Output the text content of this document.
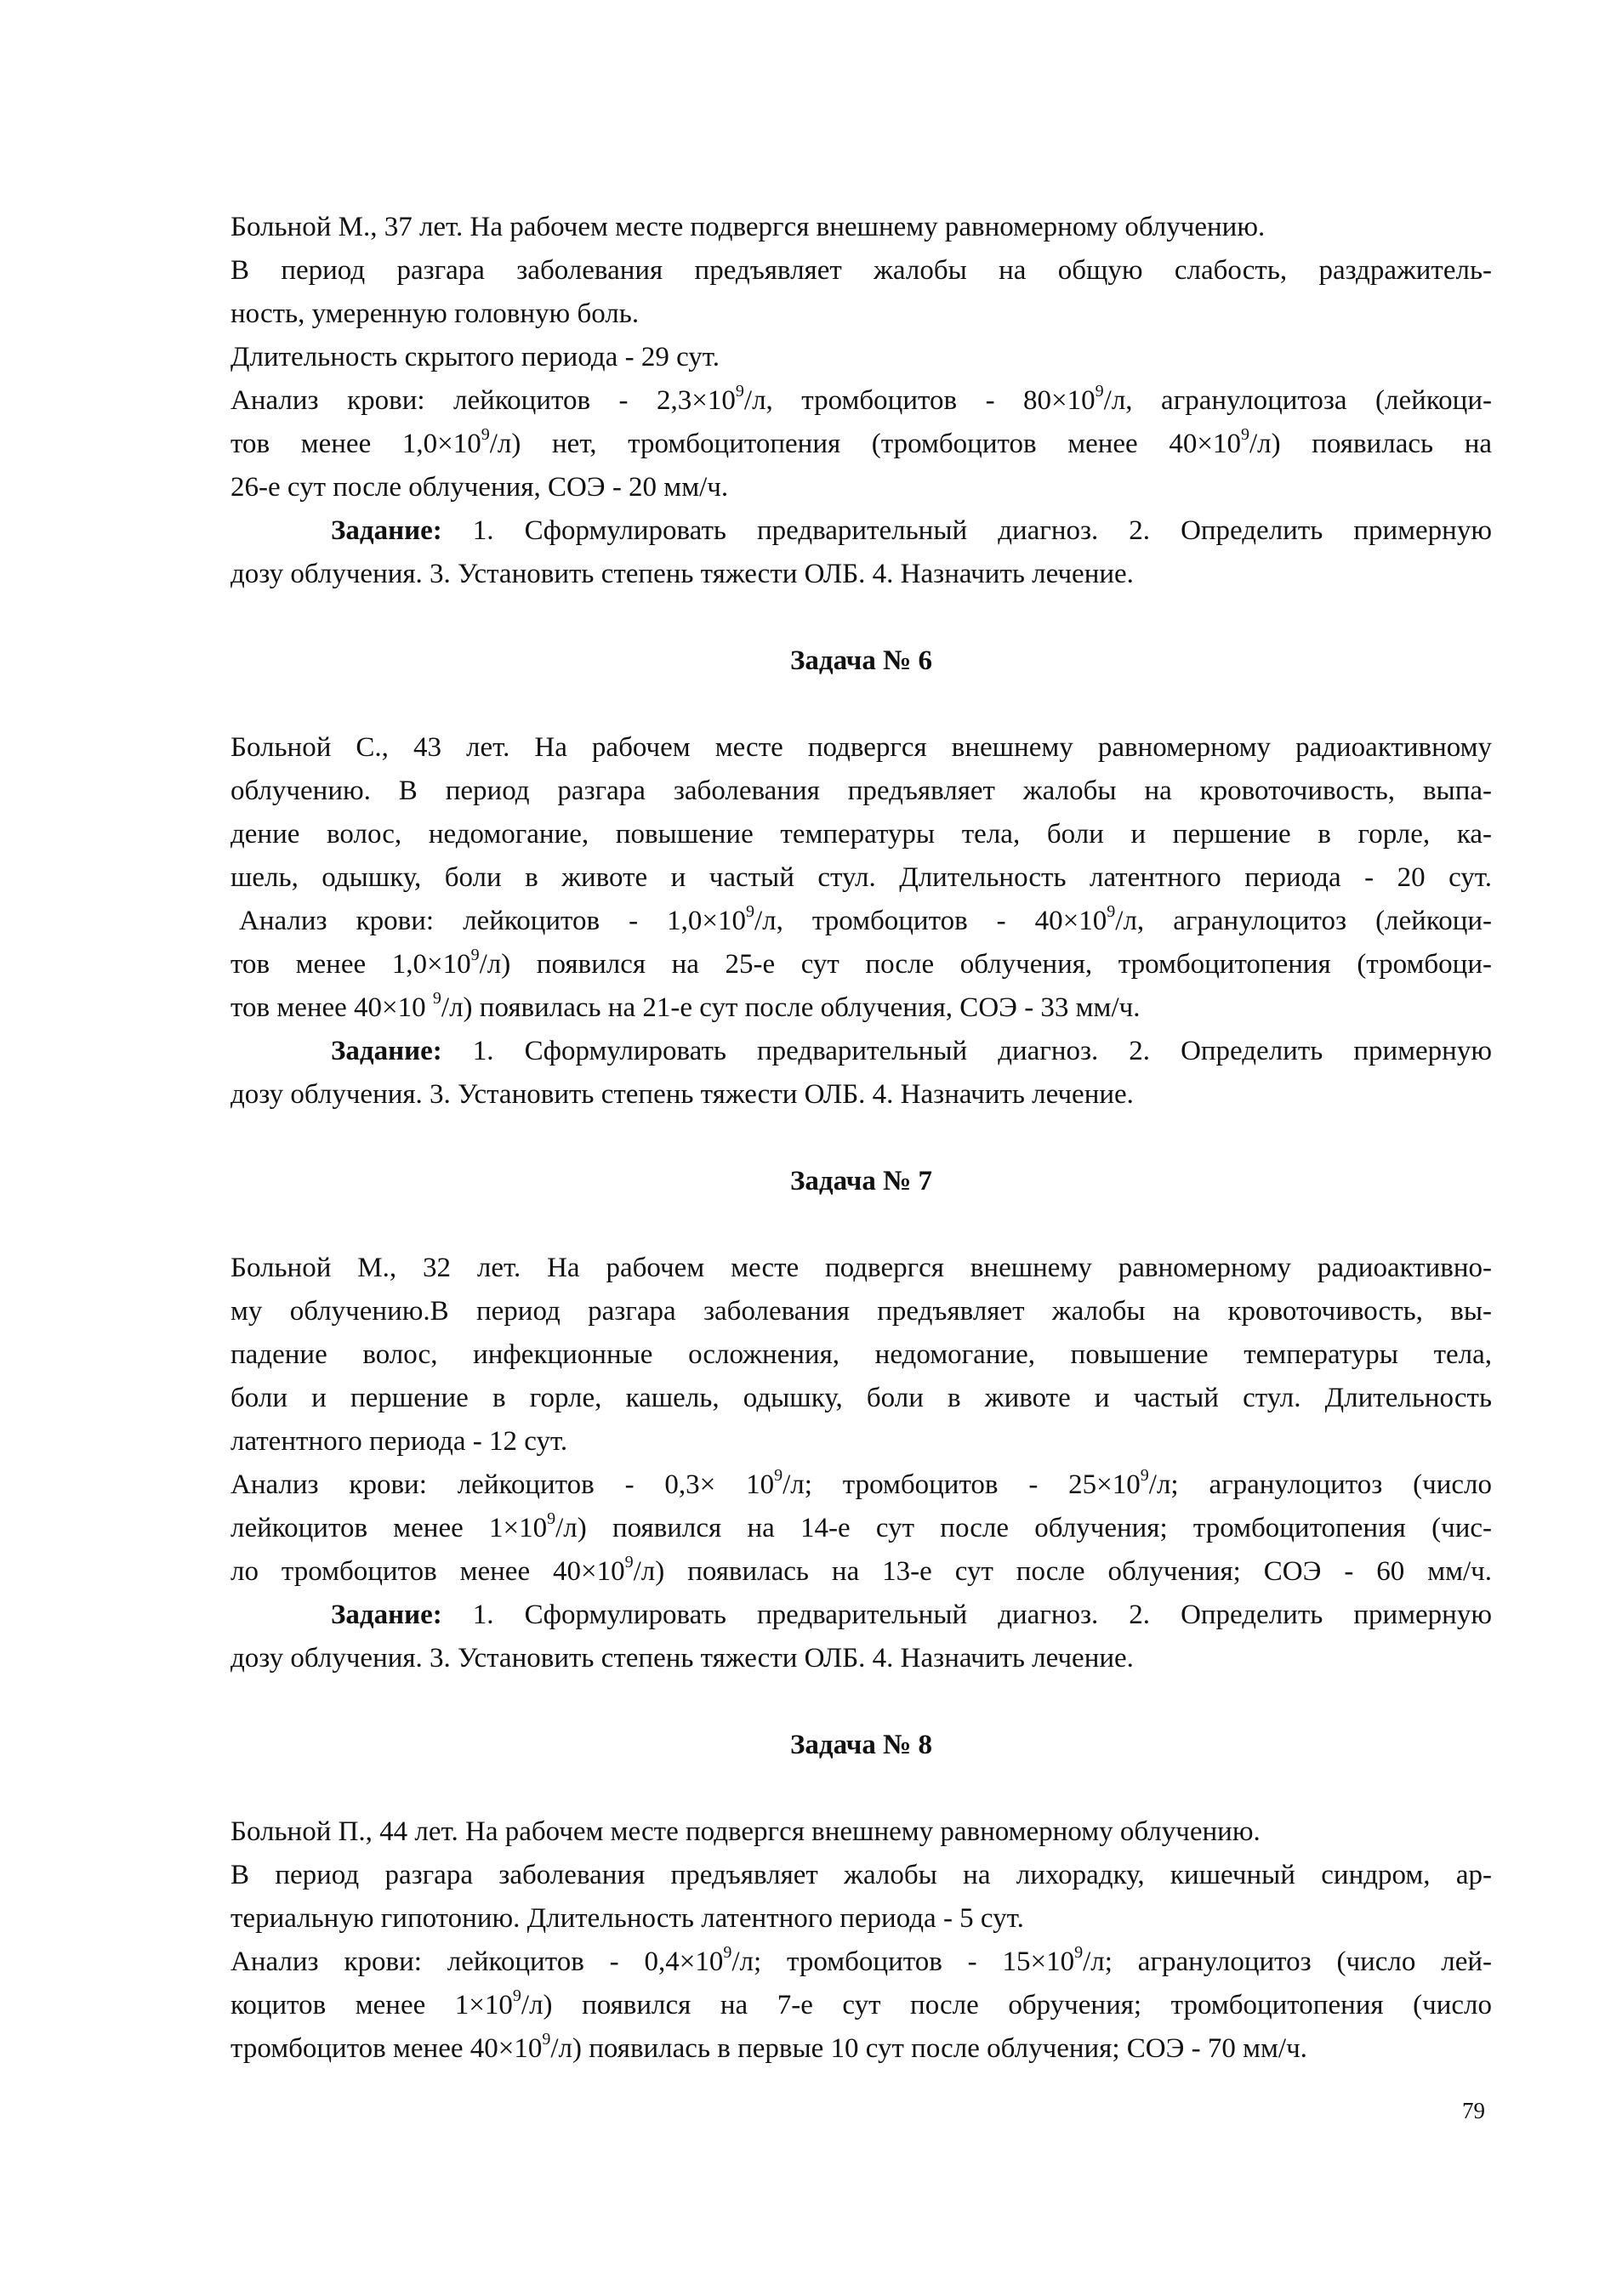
Больной М., 37 лет. На рабочем месте подвергся внешнему равномерному облучению.
В период разгара заболевания предъявляет жалобы на общую слабость, раздражитель-
ность, умеренную головную боль.
Длительность скрытого периода - 29 сут.
Анализ крови: лейкоцитов - $2,3\times 10^9/л$, тромбоцитов - $80\times 10^9/л$, агранулоцитоза (лейкоци-
тов менее $1,0\times 10^9/л$) нет, тромбоцитопения (тромбоцитов менее $40\times 10^9/л$) появилась на
26-е сут после облучения, СОЭ - 20 мм/ч.
Задание: 1. Сформулировать предварительный диагноз. 2. Определить примерную
дозу облучения. 3. Установить степень тяжести ОЛБ. 4. Назначить лечение.
Задача № 6
Больной С., 43 лет. На рабочем месте подвергся внешнему равномерному радиоактивному
облучению. В период разгара заболевания предъявляет жалобы на кровоточивость, выпа-
дение волос, недомогание, повышение температуры тела, боли и першение в горле, ка-
шель, одышку, боли в животе и частый стул. Длительность латентного периода - 20 сут.
Анализ крови: лейкоцитов - $1,0\times 10^9/л$, тромбоцитов - $40\times 10^9/л$, агранулоцитоз (лейкоци-
тов менее $1,0\times 10^9/л$) появился на 25-е сут после облучения, тромбоцитопения (тромбоци-
тов менее 40×10 $^9$/л) появилась на 21-е сут после облучения, СОЭ - 33 мм/ч.
Задание: 1. Сформулировать предварительный диагноз. 2. Определить примерную
дозу облучения. 3. Установить степень тяжести ОЛБ. 4. Назначить лечение.
Задача № 7
Больной М., 32 лет. На рабочем месте подвергся внешнему равномерному радиоактивно-
му облучению.В период разгара заболевания предъявляет жалобы на кровоточивость, вы-
падение волос, инфекционные осложнения, недомогание, повышение температуры тела,
боли и першение в горле, кашель, одышку, боли в животе и частый стул. Длительность
латентного периода - 12 сут.
Анализ крови: лейкоцитов - $0,3\times 10^9/л$; тромбоцитов - $25\times 10^9/л$; агранулоцитоз (число
лейкоцитов менее $1\times 10^9/л$) появился на 14-е сут после облучения; тромбоцитопения (чис-
ло тромбоцитов менее $40\times 10^9/л$) появилась на 13-е сут после облучения; СОЭ - 60 мм/ч.
Задание: 1. Сформулировать предварительный диагноз. 2. Определить примерную
дозу облучения. 3. Установить степень тяжести ОЛБ. 4. Назначить лечение.
Задача № 8
Больной П., 44 лет. На рабочем месте подвергся внешнему равномерному облучению.
В период разгара заболевания предъявляет жалобы на лихорадку, кишечный синдром, ар-
териальную гипотонию. Длительность латентного периода - 5 сут.
Анализ крови: лейкоцитов - $0,4\times 10^9/л$; тромбоцитов - $15\times 10^9/л$; агранулоцитоз (число лей-
коцитов менее $1\times 10^9/л$) появился на 7-е сут после обручения; тромбоцитопения (число
тромбоцитов менее $40\times 10^9/л$) появилась в первые 10 сут после облучения; СОЭ - 70 мм/ч.
79
